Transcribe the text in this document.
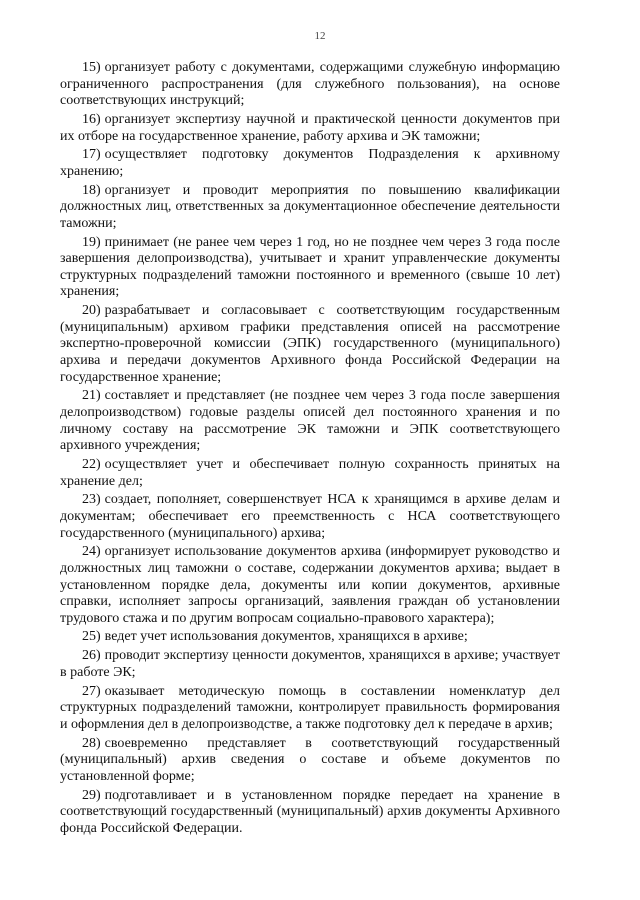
12

15) организует работу с документами, содержащими служебную информацию ограниченного распространения (для служебного пользования), на основе соответствующих инструкций;

16) организует экспертизу научной и практической ценности документов при их отборе на государственное хранение, работу архива и ЭК таможни;

17) осуществляет подготовку документов Подразделения к архивному хранению;

18) организует и проводит мероприятия по повышению квалификации должностных лиц, ответственных за документационное обеспечение деятельности таможни;

19) принимает (не ранее чем через 1 год, но не позднее чем через 3 года после завершения делопроизводства), учитывает и хранит управленческие документы структурных подразделений таможни постоянного и временного (свыше 10 лет) хранения;

20) разрабатывает и согласовывает с соответствующим государственным (муниципальным) архивом графики представления описей на рассмотрение экспертно-проверочной комиссии (ЭПК) государственного (муниципального) архива и передачи документов Архивного фонда Российской Федерации на государственное хранение;

21) составляет и представляет (не позднее чем через 3 года после завершения делопроизводством) годовые разделы описей дел постоянного хранения и по личному составу на рассмотрение ЭК таможни и ЭПК соответствующего архивного учреждения;

22) осуществляет учет и обеспечивает полную сохранность принятых на хранение дел;

23) создает, пополняет, совершенствует НСА к хранящимся в архиве делам и документам; обеспечивает его преемственность с НСА соответствующего государственного (муниципального) архива;

24) организует использование документов архива (информирует руководство и должностных лиц таможни о составе, содержании документов архива; выдает в установленном порядке дела, документы или копии документов, архивные справки, исполняет запросы организаций, заявления граждан об установлении трудового стажа и по другим вопросам социально-правового характера);

25) ведет учет использования документов, хранящихся в архиве;

26) проводит экспертизу ценности документов, хранящихся в архиве; участвует в работе ЭК;

27) оказывает методическую помощь в составлении номенклатур дел структурных подразделений таможни, контролирует правильность формирования и оформления дел в делопроизводстве, а также подготовку дел к передаче в архив;

28) своевременно представляет в соответствующий государственный (муниципальный) архив сведения о составе и объеме документов по установленной форме;

29) подготавливает и в установленном порядке передает на хранение в соответствующий государственный (муниципальный) архив документы Архивного фонда Российской Федерации.
